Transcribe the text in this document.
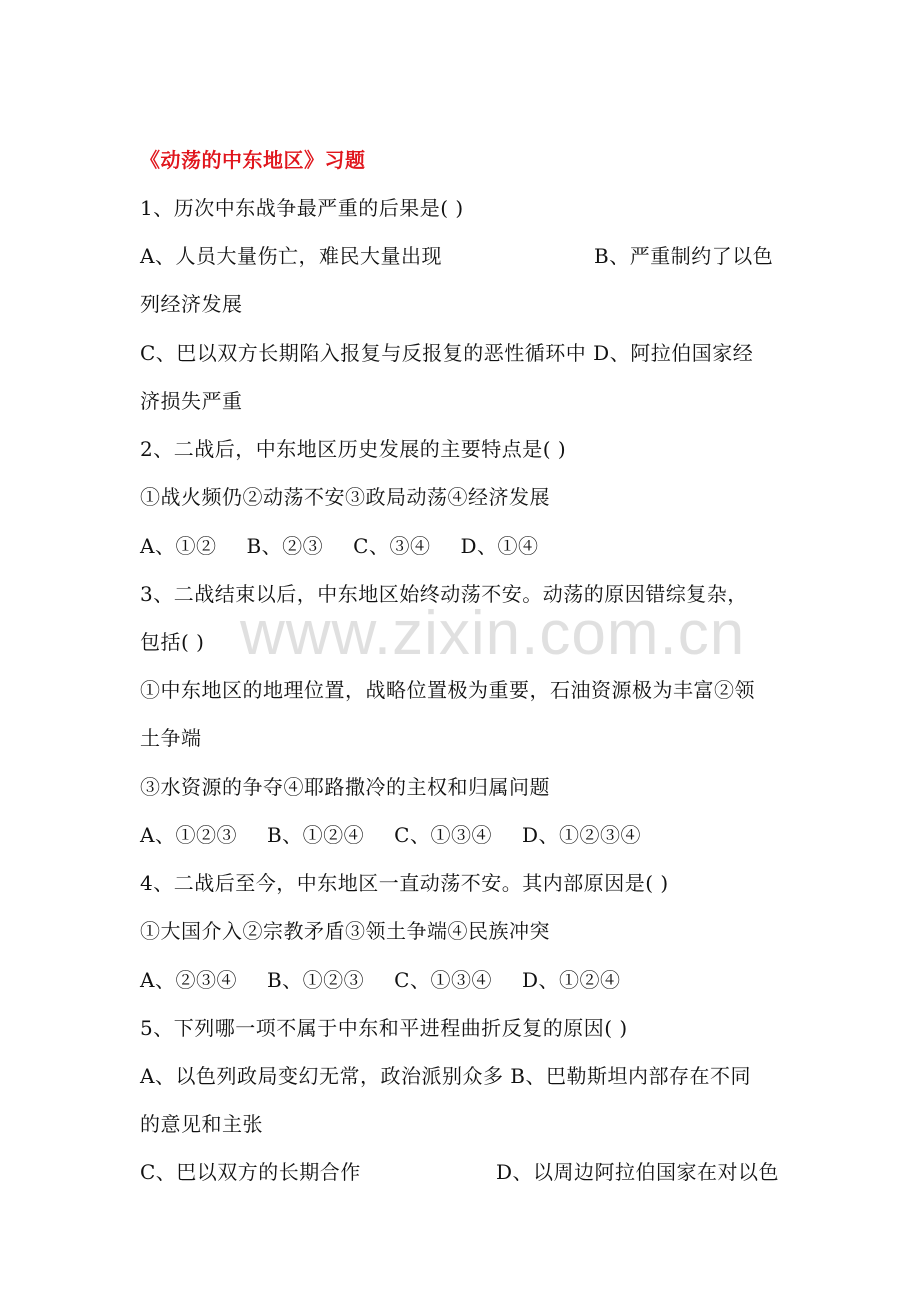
www.zixin.com.cn
《动荡的中东地区》习题
1、历次中东战争最严重的后果是( )
A、人员大量伤亡，难民大量出现	B、严重制约了以色
列经济发展
C、巴以双方长期陷入报复与反报复的恶性循环中 D、阿拉伯国家经
济损失严重
2、二战后，中东地区历史发展的主要特点是( )
①战火频仍②动荡不安③政局动荡④经济发展
A、①② B、②③ C、③④ D、①④
3、二战结束以后，中东地区始终动荡不安。动荡的原因错综复杂，
包括( )
①中东地区的地理位置，战略位置极为重要，石油资源极为丰富②领
土争端
③水资源的争夺④耶路撒冷的主权和归属问题
A、①②③ B、①②④ C、①③④ D、①②③④
4、二战后至今，中东地区一直动荡不安。其内部原因是( )
①大国介入②宗教矛盾③领土争端④民族冲突
A、②③④ B、①②③ C、①③④ D、①②④
5、下列哪一项不属于中东和平进程曲折反复的原因( )
A、以色列政局变幻无常，政治派别众多 B、巴勒斯坦内部存在不同
的意见和主张
C、巴以双方的长期合作	D、以周边阿拉伯国家在对以色
